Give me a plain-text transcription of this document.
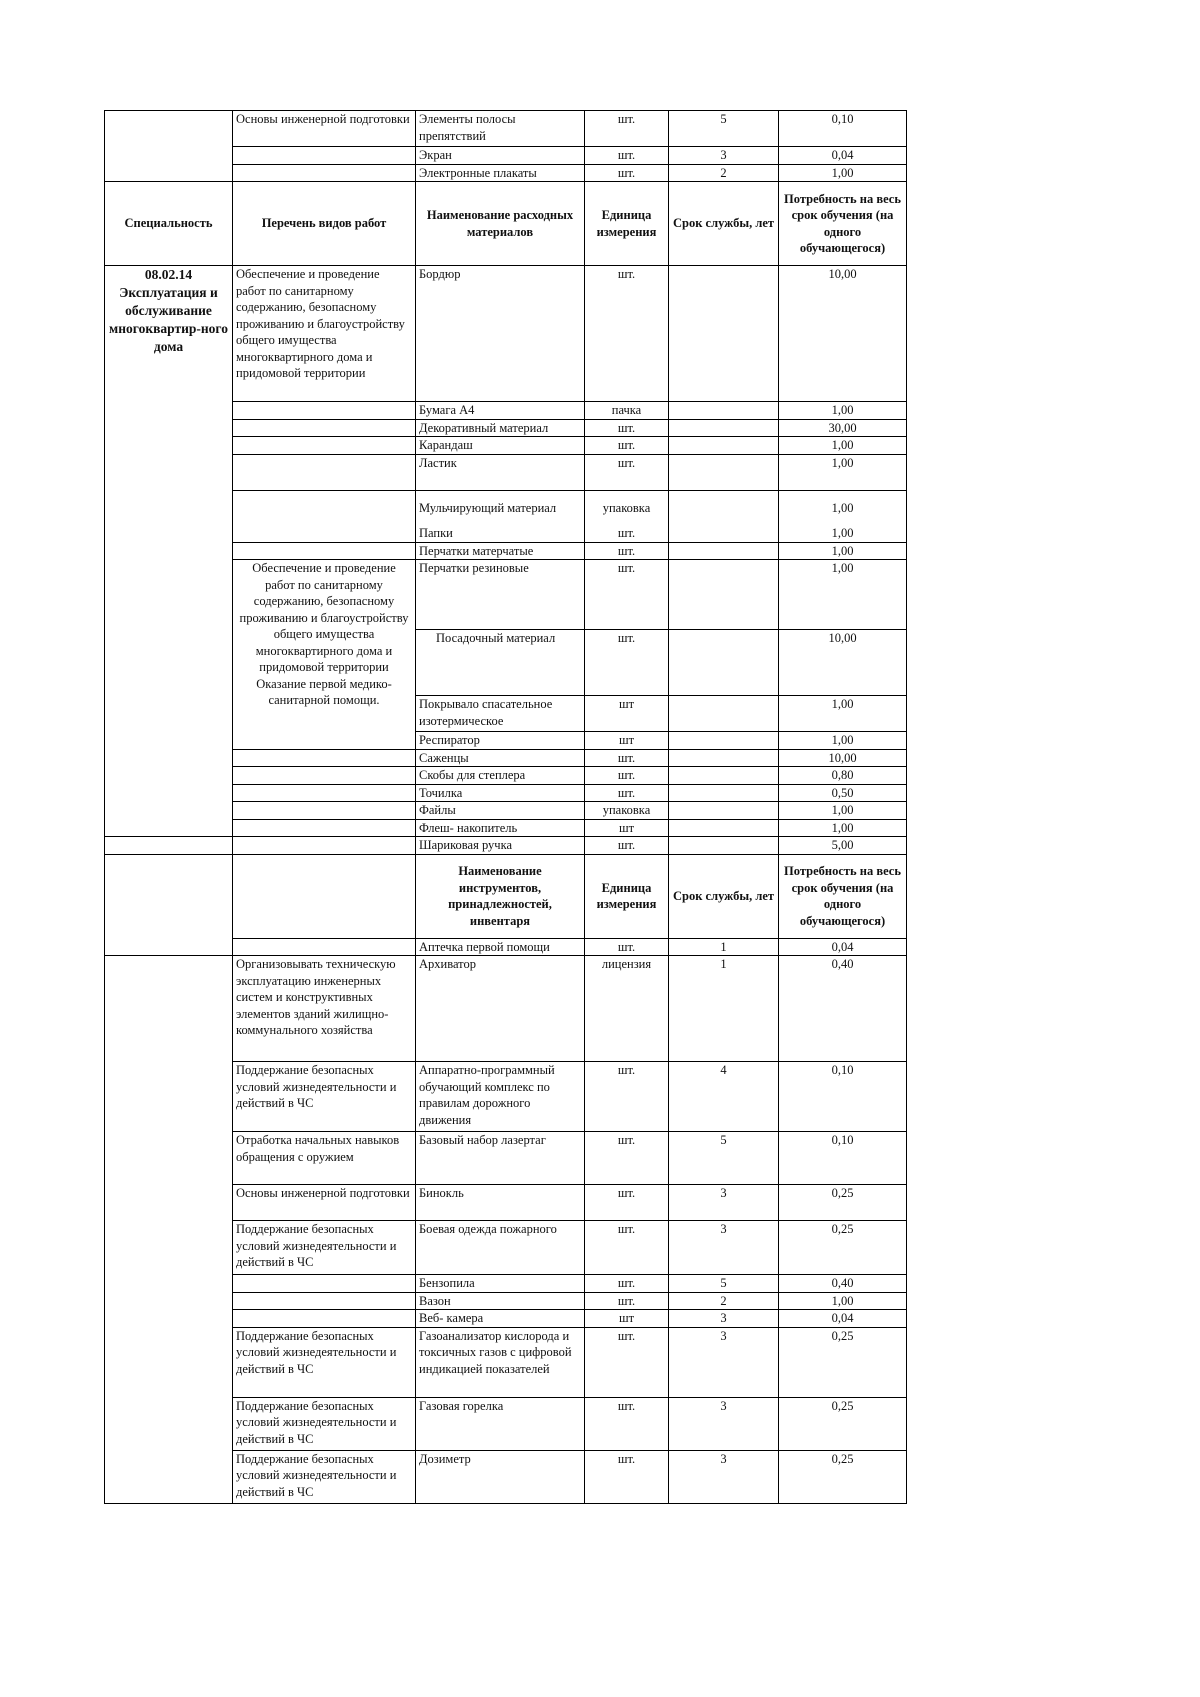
	Основы инженерной подготовки	Элементы полосы препятствий	шт.	5	0,10
		Экран	шт.	3	0,04
		Электронные плакаты	шт.	2	1,00
Специальность	Перечень видов работ	Наименование расходных материалов	Единица измерения	Срок службы, лет	Потребность на весь срок обучения (на одного обучающегося)
08.02.14 Эксплуатация и обслуживание многоквартир-ного дома	Обеспечение и проведение работ по санитарному содержанию, безопасному проживанию и благоустройству общего имущества многоквартирного дома и придомовой территории	Бордюр	шт.		10,00
		Бумага А4	пачка		1,00
		Декоративный материал	шт.		30,00
		Карандаш	шт.		1,00
		Ластик	шт.		1,00
		Мульчирующий материал	упаковка		1,00
		Папки	шт.		1,00
		Перчатки матерчатые	шт.		1,00
	Обеспечение и проведение работ по санитарному содержанию, безопасному проживанию и благоустройству общего имущества многоквартирного дома и придомовой территории Оказание первой медико-санитарной помощи.	Перчатки резиновые	шт.		1,00
		Посадочный материал	шт.		10,00
		Покрывало спасательное изотермическое	шт		1,00
		Респиратор	шт		1,00
		Саженцы	шт.		10,00
		Скобы для степлера	шт.		0,80
		Точилка	шт.		0,50
		Файлы	упаковка		1,00
		Флеш- накопитель	шт		1,00
		Шариковая ручка	шт.		5,00
		Наименование инструментов, принадлежностей, инвентаря	Единица измерения	Срок службы, лет	Потребность на весь срок обучения (на одного обучающегося)
		Аптечка первой помощи	шт.	1	0,04
	Организовывать техническую эксплуатацию инженерных систем и конструктивных элементов зданий жилищно-коммунального хозяйства	Архиватор	лицензия	1	0,40
	Поддержание безопасных условий жизнедеятельности и действий в ЧС	Аппаратно-программный обучающий комплекс по правилам дорожного движения	шт.	4	0,10
	Отработка начальных навыков обращения с оружием	Базовый набор лазертаг	шт.	5	0,10
	Основы инженерной подготовки	Бинокль	шт.	3	0,25
	Поддержание безопасных условий жизнедеятельности и действий в ЧС	Боевая одежда пожарного	шт.	3	0,25
		Бензопила	шт.	5	0,40
		Вазон	шт.	2	1,00
		Веб- камера	шт	3	0,04
	Поддержание безопасных условий жизнедеятельности и действий в ЧС	Газоанализатор кислорода и токсичных газов с цифровой индикацией показателей	шт.	3	0,25
	Поддержание безопасных условий жизнедеятельности и действий в ЧС	Газовая горелка	шт.	3	0,25
	Поддержание безопасных условий жизнедеятельности и действий в ЧС	Дозиметр	шт.	3	0,25
